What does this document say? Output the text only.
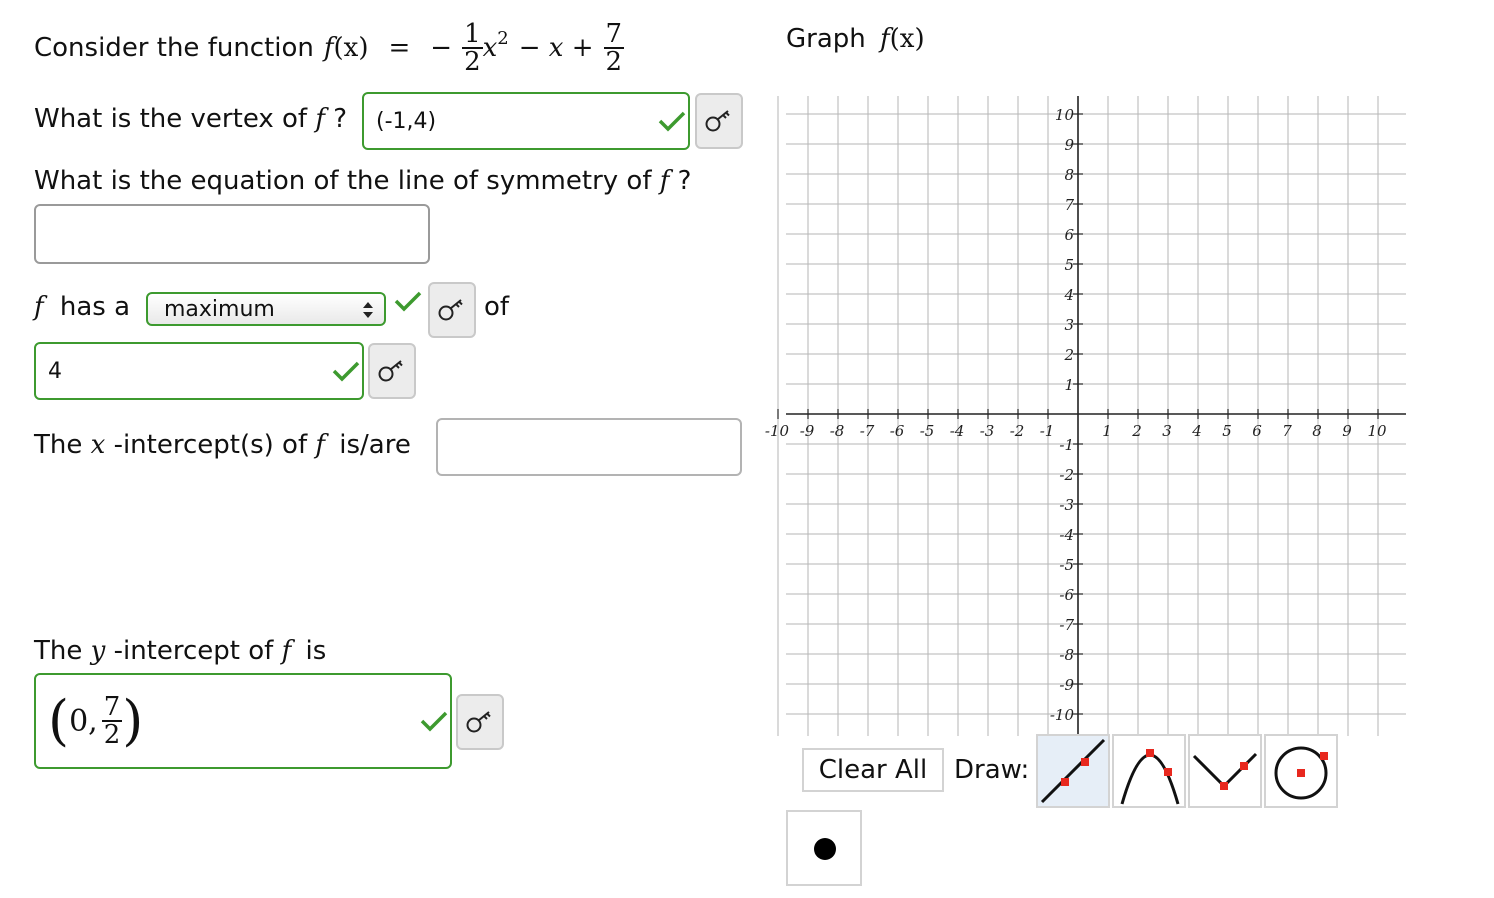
Consider the function f (x) = − $\frac{1}{2} x^2 - x + \frac{7}{2}$
What is the vertex of f ? (-1,4)
What is the equation of the line of symmetry of f ?
f has a maximum	of
4
The x -intercept(s) of f is/are
The y -intercept of f is
( 0, $\frac{7}{2}$ )
Graph f(x)
-10 -9 -8 -7 -6 -5 -4 -3 -2 -1	1 2 3 4 5 6 7 8 9 10
10
9
8
7
6
5
4
3
2
1
-1
-2
-3
-4
-5
-6
-7
-8
-9
-10
Clear All Draw:
